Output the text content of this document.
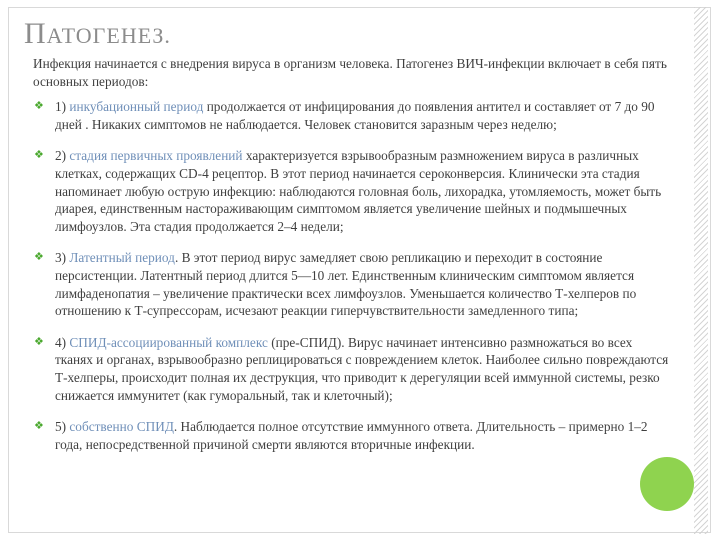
ПАТОГЕНЕЗ.

Инфекция начинается с внедрения вируса в организм человека. Патогенез ВИЧ-инфекции включает в себя пять основных периодов:

❖ 1) инкубационный период продолжается от инфицирования до появления антител и составляет от 7 до 90 дней . Никаких симптомов не наблюдается. Человек становится заразным через неделю;
❖ 2) стадия первичных проявлений характеризуется взрывообразным размножением вируса в различных клетках, содержащих CD-4 рецептор. В этот период начинается сероконверсия. Клинически эта стадия напоминает любую острую инфекцию: наблюдаются головная боль, лихорадка, утомляемость, может быть диарея, единственным настораживающим симптомом является увеличение шейных и подмышечных лимфоузлов. Эта стадия продолжается 2–4 недели;
❖ 3) Латентный период. В этот период вирус замедляет свою репликацию и переходит в состояние персистенции. Латентный период длится 5—10 лет. Единственным клиническим симптомом является лимфаденопатия – увеличение практически всех лимфоузлов. Уменьшается количество Т-хелперов по отношению к Т-супрессорам, исчезают реакции гиперчувствительности замедленного типа;
❖ 4) СПИД-ассоциированный комплекс (пре-СПИД). Вирус начинает интенсивно размножаться во всех тканях и органах, взрывообразно реплицироваться с повреждением клеток. Наиболее сильно повреждаются Т-хелперы, происходит полная их деструкция, что приводит к дерегуляции всей иммунной системы, резко снижается иммунитет (как гуморальный, так и клеточный);
❖ 5) собственно СПИД. Наблюдается полное отсутствие иммунного ответа. Длительность – примерно 1–2 года, непосредственной причиной смерти являются вторичные инфекции.
